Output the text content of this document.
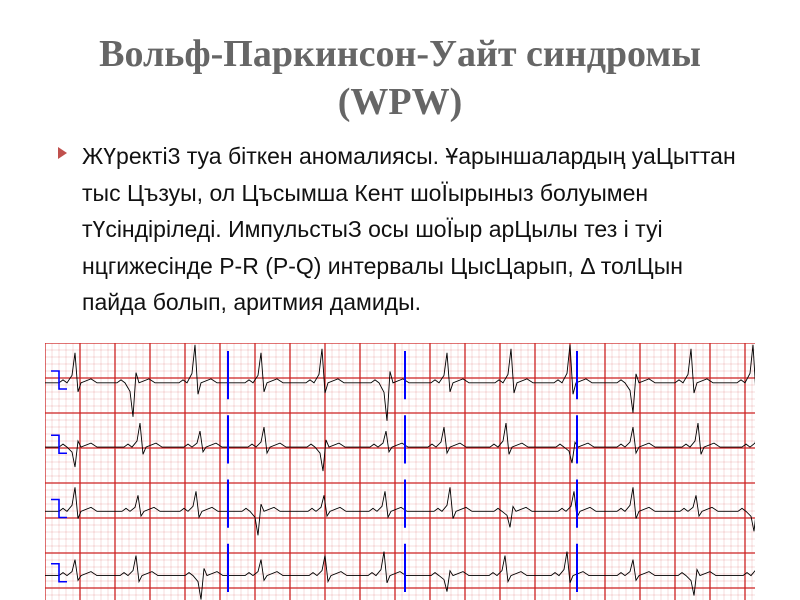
Вольф-Паркинсон-Уайт синдромы (WPW)
ЖҮректі3 туа біткен аномалиясы. Ұарыншалардың уаЦыттан тыс Цъзуы, ол Цъсымша Кент шоЇырыныз болуымен тҮсіндіріледі. ИмпульстыЗ осы шоЇыр арЦылы тез і туі нцгижесінде Р-R (P-Q) интервалы ЦысЦарып, Δ толЦын пайда болып, аритмия дамиды.
